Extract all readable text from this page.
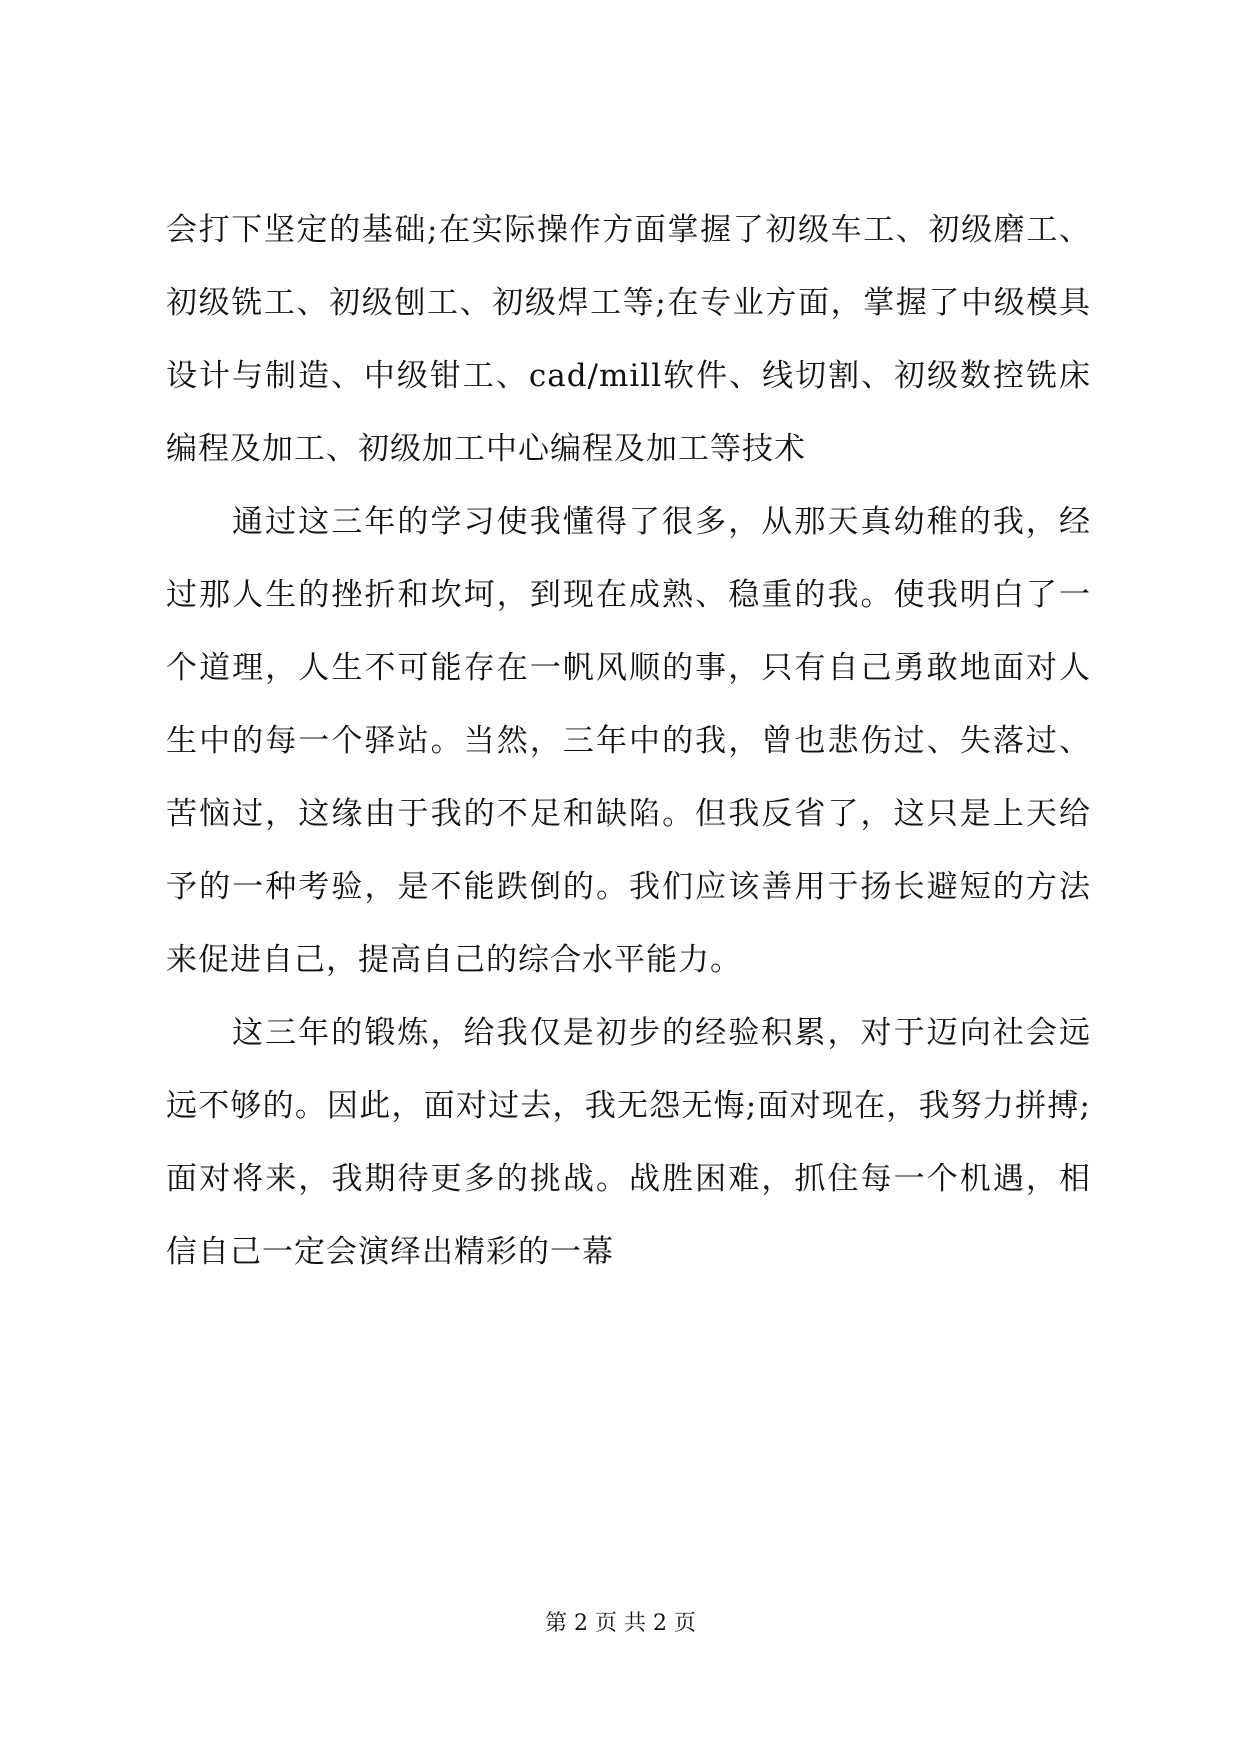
会打下坚定的基础;在实际操作方面掌握了初级车工、初级磨工、初级铣工、初级刨工、初级焊工等;在专业方面，掌握了中级模具设计与制造、中级钳工、cad/mill软件、线切割、初级数控铣床编程及加工、初级加工中心编程及加工等技术

通过这三年的学习使我懂得了很多，从那天真幼稚的我，经过那人生的挫折和坎坷，到现在成熟、稳重的我。使我明白了一个道理，人生不可能存在一帆风顺的事，只有自己勇敢地面对人生中的每一个驿站。当然，三年中的我，曾也悲伤过、失落过、苦恼过，这缘由于我的不足和缺陷。但我反省了，这只是上天给予的一种考验，是不能跌倒的。我们应该善用于扬长避短的方法来促进自己，提高自己的综合水平能力。

这三年的锻炼，给我仅是初步的经验积累，对于迈向社会远远不够的。因此，面对过去，我无怨无悔;面对现在，我努力拼搏;面对将来，我期待更多的挑战。战胜困难，抓住每一个机遇，相信自己一定会演绎出精彩的一幕

第 2 页 共 2 页
